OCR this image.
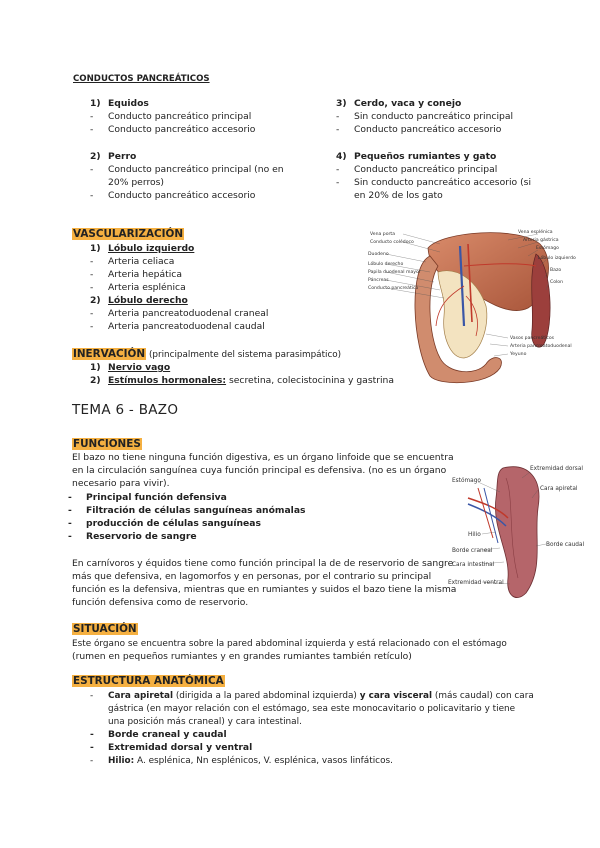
CONDUCTOS PANCREÁTICOS
1) Equidos
- Conducto pancreático principal
- Conducto pancreático accesorio
2) Perro
- Conducto pancreático principal (no en
20% perros)
- Conducto pancreático accesorio
3) Cerdo, vaca y conejo
- Sin conducto pancreático principal
- Conducto pancreático accesorio
4) Pequeños rumiantes y gato
- Conducto pancreático principal
- Sin conducto pancreático accesorio (si
en 20% de los gato
VASCULARIZACIÓN
1) Lóbulo izquierdo
- Arteria celiaca
- Arteria hepática
- Arteria esplénica
2) Lóbulo derecho
- Arteria pancreatoduodenal craneal
- Arteria pancreatoduodenal caudal
INERVACIÓN (principalmente del sistema parasimpático)
1) Nervio vago
2) Estímulos hormonales: secretina, colecistocinina y gastrina
Vena porta
Conducto colédoco
Duodeno
Lóbulo derecho
Papila duodenal mayor
Páncreas
Conducto pancreático
Vena esplénica
Arteria gástrica
Estómago
Lóbulo izquierdo
Bazo
Colon
Vasos pancreáticos
Arteria pancreatoduodenal
Yeyuno
TEMA 6 - BAZO
FUNCIONES
El bazo no tiene ninguna función digestiva, es un órgano linfoide que se encuentra
en la circulación sanguínea cuya función principal es defensiva. (no es un órgano
necesario para vivir).
- Principal función defensiva
- Filtración de células sanguíneas anómalas
- producción de células sanguíneas
- Reservorio de sangre
En carnívoros y équidos tiene como función principal la de de reservorio de sangre
más que defensiva, en lagomorfos y en personas, por el contrario su principal
función es la defensiva, mientras que en rumiantes y suidos el bazo tiene la misma
función defensiva como de reservorio.
Estómago
Extremidad dorsal
Cara apiretal
Hilio
Borde craneal
Borde caudal
Cara intestinal
Extremidad ventral
SITUACIÓN
Este órgano se encuentra sobre la pared abdominal izquierda y está relacionado con el estómago
(rumen en pequeños rumiantes y en grandes rumiantes también retículo)
ESTRUCTURA ANATÓMICA
- Cara apiretal (dirigida a la pared abdominal izquierda) y cara visceral (más caudal) con cara
gástrica (en mayor relación con el estómago, sea este monocavitario o policavitario y tiene
una posición más craneal) y cara intestinal.
- Borde craneal y caudal
- Extremidad dorsal y ventral
- Hilio: A. esplénica, Nn esplénicos, V. esplénica, vasos linfáticos.
